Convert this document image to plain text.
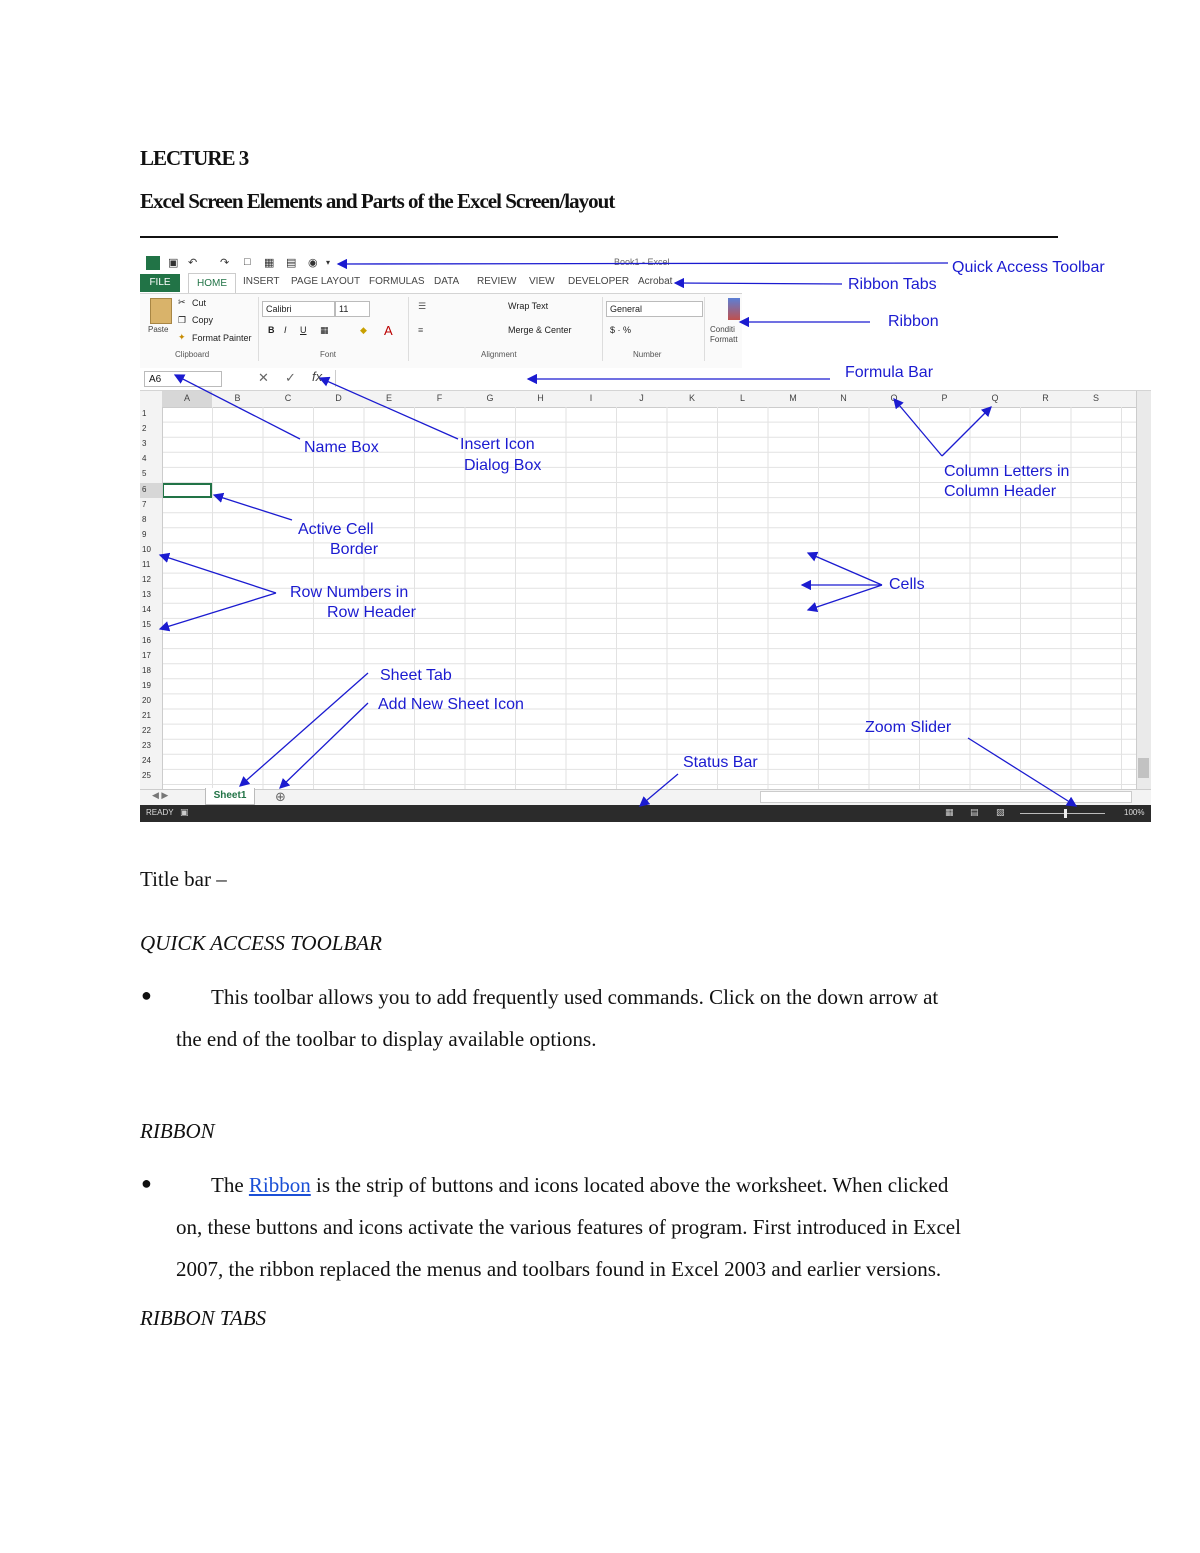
LECTURE 3
Excel Screen Elements and Parts of the Excel Screen/layout
▣ ↶ ↷ □ ▦ ▤ ◉ ▾	Book1 - Excel
FILE	HOME	INSERT PAGE LAYOUT FORMULAS DATA REVIEW VIEW DEVELOPER Acrobat
Paste
✂ Cut
❐ Copy
✦ Format Painter
Clipboard
Calibri	11
B I U ▦	◆ A
Font
☰
≡
Wrap Text
Merge & Center
Alignment
General
$ · %
Number
Conditi
Formatt
A6	✕ ✓ fx
A	B	C	D	E	F	G	H	I	J	K	L	M	N	O	P	Q	R	S
1
2
3
4
5
6
7
8
9
10
11
12
13
14
15
16
17
18
19
20
21
22
23
24
25
◀ ▶	Sheet1	⊕
READY ▣	▦ ▤ ▧	100%
Quick Access Toolbar
Ribbon Tabs
Ribbon
Formula Bar
Name Box	Insert Icon
Dialog Box	Column Letters in
Column Header
Active Cell
Border
Cells
Row Numbers in
Row Header
Sheet Tab
Add New Sheet Icon
Zoom Slider
Status Bar
Title bar –
QUICK ACCESS TOOLBAR
●	This toolbar allows you to add frequently used commands. Click on the down arrow at
the end of the toolbar to display available options.
RIBBON
●	The Ribbon is the strip of buttons and icons located above the worksheet. When clicked
on, these buttons and icons activate the various features of program. First introduced in Excel
2007, the ribbon replaced the menus and toolbars found in Excel 2003 and earlier versions.
RIBBON TABS
